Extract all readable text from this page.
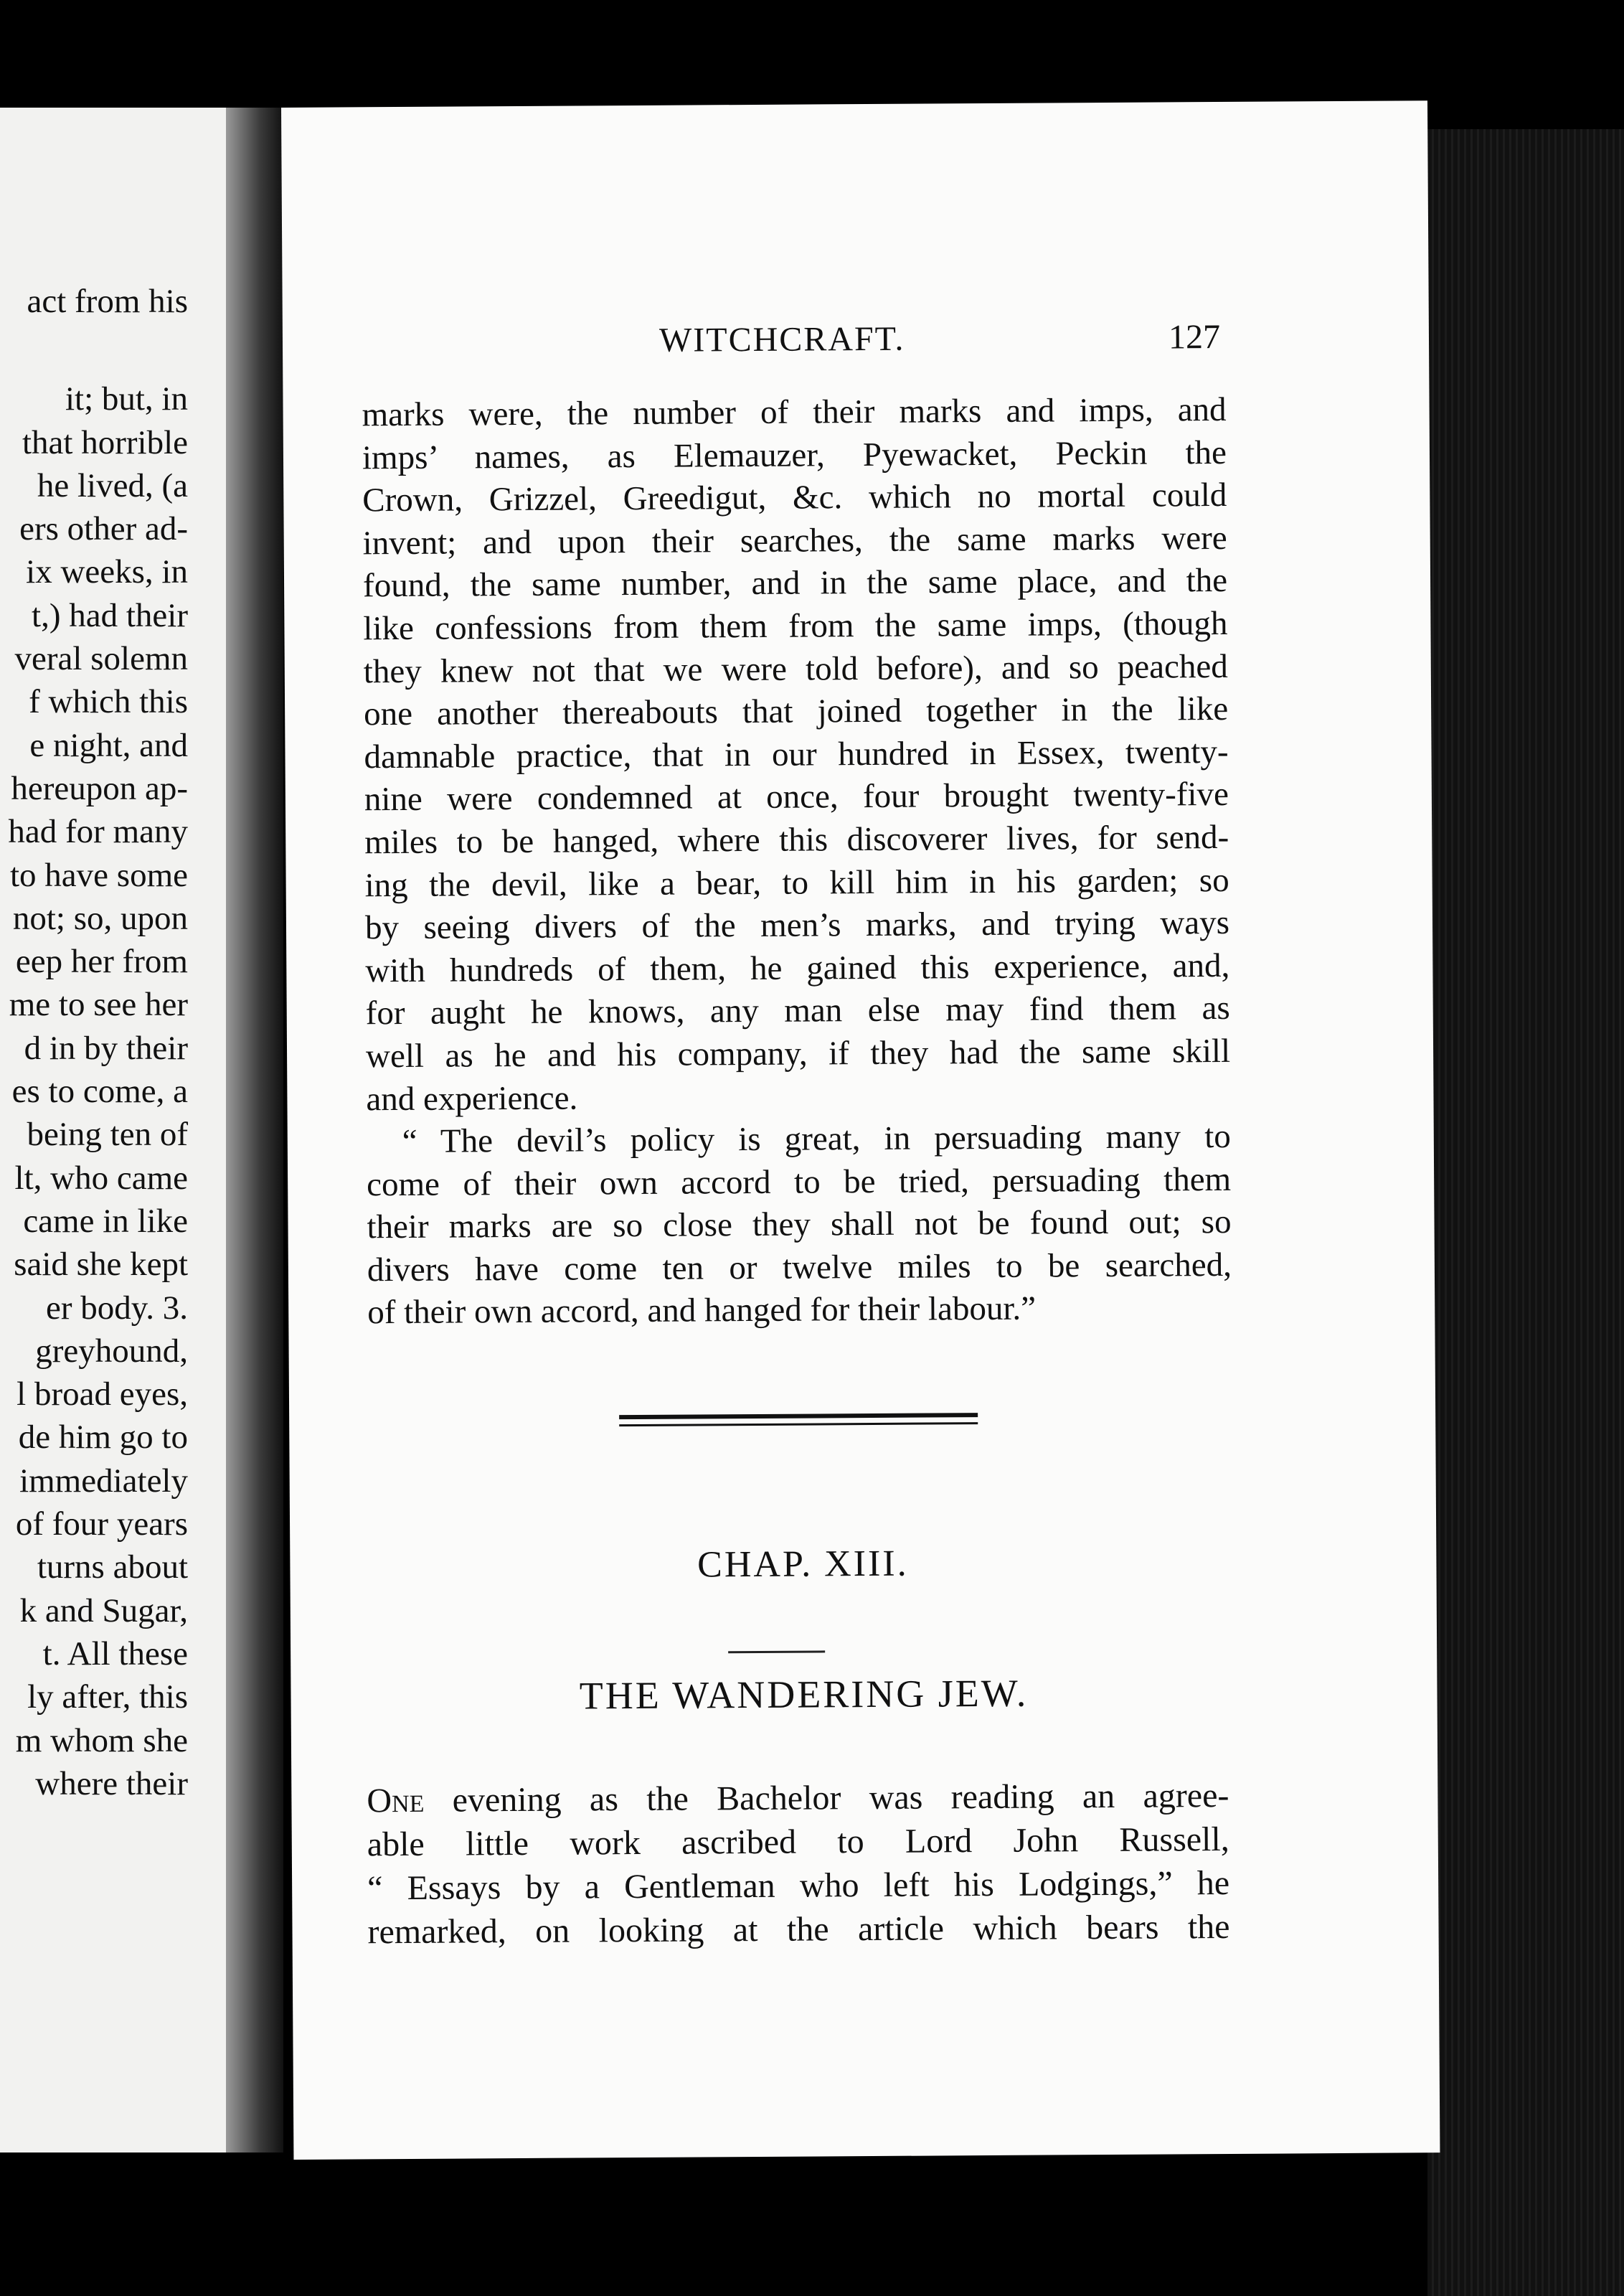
act from his
it; but, in
that horrible
he lived, (a
ers other ad-
ix weeks, in
t,) had their
veral solemn
f which this
e night, and
hereupon ap-
had for many
to have some
not; so, upon
eep her from
me to see her
d in by their
es to come, a
being ten of
lt, who came
came in like
said she kept
er body. 3.
greyhound,
l broad eyes,
de him go to
immediately
of four years
turns about
k and Sugar,
t. All these
ly after, this
m whom she
where their
WITCHCRAFT.	127
marks were, the number of their marks and imps, and
imps’ names, as Elemauzer, Pyewacket, Peckin the
Crown, Grizzel, Greedigut, &c. which no mortal could
invent; and upon their searches, the same marks were
found, the same number, and in the same place, and the
like confessions from them from the same imps, (though
they knew not that we were told before), and so peached
one another thereabouts that joined together in the like
damnable practice, that in our hundred in Essex, twenty-
nine were condemned at once, four brought twenty-five
miles to be hanged, where this discoverer lives, for send-
ing the devil, like a bear, to kill him in his garden; so
by seeing divers of the men’s marks, and trying ways
with hundreds of them, he gained this experience, and,
for aught he knows, any man else may find them as
well as he and his company, if they had the same skill
and experience.
“ The devil’s policy is great, in persuading many to
come of their own accord to be tried, persuading them
their marks are so close they shall not be found out; so
divers have come ten or twelve miles to be searched,
of their own accord, and hanged for their labour.”
CHAP. XIII.
THE WANDERING JEW.
One evening as the Bachelor was reading an agree-
able little work ascribed to Lord John Russell,
“ Essays by a Gentleman who left his Lodgings,” he
remarked, on looking at the article which bears the
